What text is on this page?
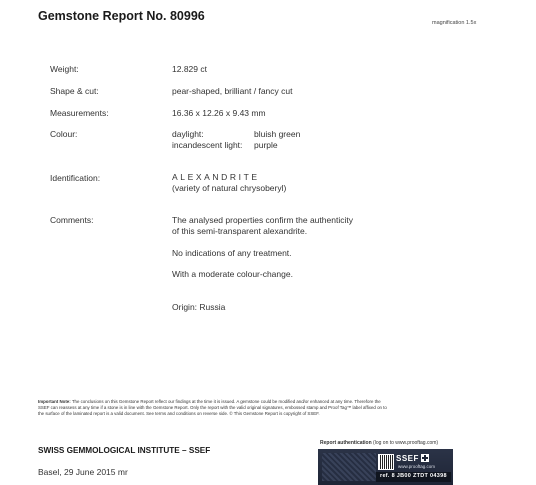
Gemstone Report No. 80996	magnification 1.5x
Weight:	12.829 ct
Shape & cut:	pear-shaped, brilliant / fancy cut
Measurements:	16.36 x 12.26 x 9.43 mm
Colour:	daylight:	bluish green
incandescent light: purple
Identification:	ALEXANDRITE
(variety of natural chrysoberyl)
Comments:	The analysed properties confirm the authenticity
of this semi-transparent alexandrite.
No indications of any treatment.
With a moderate colour-change.
Origin: Russia
Important Note: The conclusions on this Gemstone Report reflect our findings at the time it is issued. A gemstone could be modified and/or enhanced at any time. Therefore the
SSEF can reassess at any time if a stone is in line with the Gemstone Report. Only the report with the valid original signatures, embossed stamp and Proof Tag™ label affixed on to
the surface of the laminated report is a valid document. See terms and conditions on reverse side. © This Gemstone Report is copyright of SSEF.
SWISS GEMMOLOGICAL INSTITUTE – SSEF
Basel, 29 June 2015 mr
Report authentication (log on to www.prooftag.com)
SSEF
www.prooftag.com
ref. 8 JB00 ZTDT 04398
